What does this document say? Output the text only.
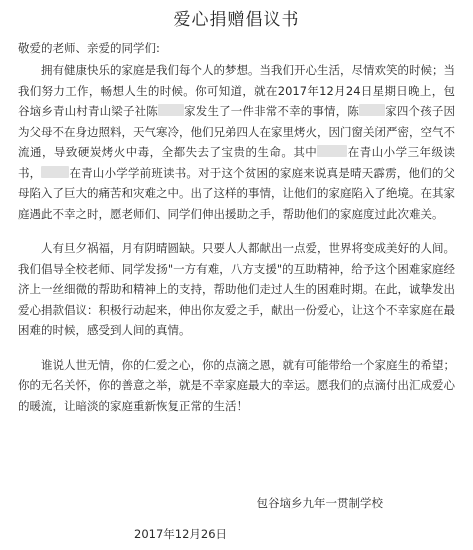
爱心捐赠倡议书
敬爱的老师、亲爱的同学们:

拥有健康快乐的家庭是我们每个人的梦想。当我们开心生活，尽情欢笑的时候；当我们努力工作，畅想人生的时候。你可知道，就在2017年12月24日星期日晚上，包谷垴乡青山村青山梁子社陈 家发生了一件非常不幸的事情，陈 家四个孩子因为父母不在身边照料，天气寒冷，他们兄弟四人在家里烤火，因门窗关闭严密，空气不流通，导致硬炭烤火中毒，全都失去了宝贵的生命。其中	在青山小学三年级读书， 在青山小学学前班读书。对于这个贫困的家庭来说真是晴天霹雳，他们的父母陷入了巨大的痛苦和灾难之中。出了这样的事情，让他们的家庭陷入了绝境。在其家庭遇此不幸之时，愿老师们、同学们伸出援助之手，帮助他们的家庭度过此次难关。

人有旦夕祸福，月有阴晴圆缺。只要人人都献出一点爱，世界将变成美好的人间。我们倡导全校老师、同学发扬"一方有难，八方支援"的互助精神，给予这个困难家庭经济上一丝细微的帮助和精神上的支持，帮助他们走过人生的困难时期。在此，诚挚发出爱心捐款倡议：积极行动起来，伸出你友爱之手，献出一份爱心，让这个不幸家庭在最困难的时候，感受到人间的真情。

谁说人世无情，你的仁爱之心，你的点滴之恩，就有可能带给一个家庭生的希望；你的无名关怀，你的善意之举，就是不幸家庭最大的幸运。愿我们的点滴付出汇成爱心的暖流，让暗淡的家庭重新恢复正常的生活！

包谷垴乡九年一贯制学校
2017年12月26日
